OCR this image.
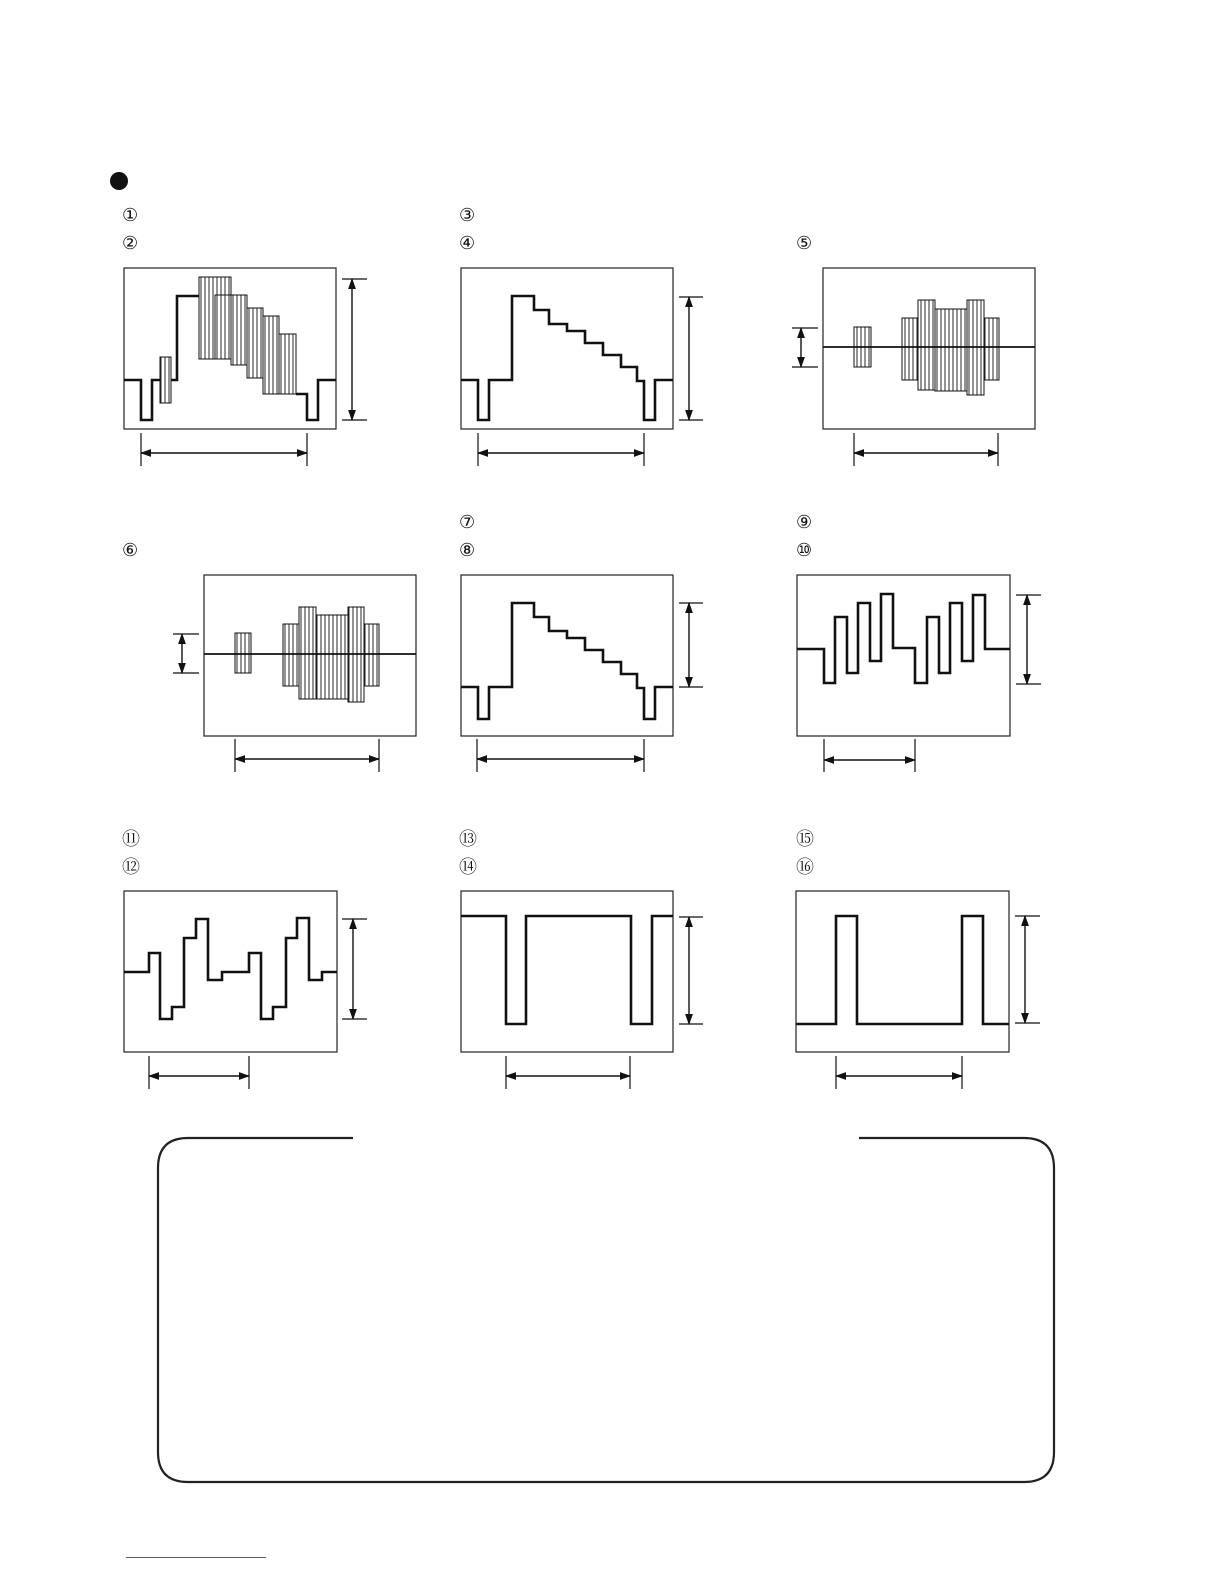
①
②
③
④	⑤
⑥
⑦
⑧
⑨
⑩
⑪
⑫
⑬
⑭
⑮
⑯
